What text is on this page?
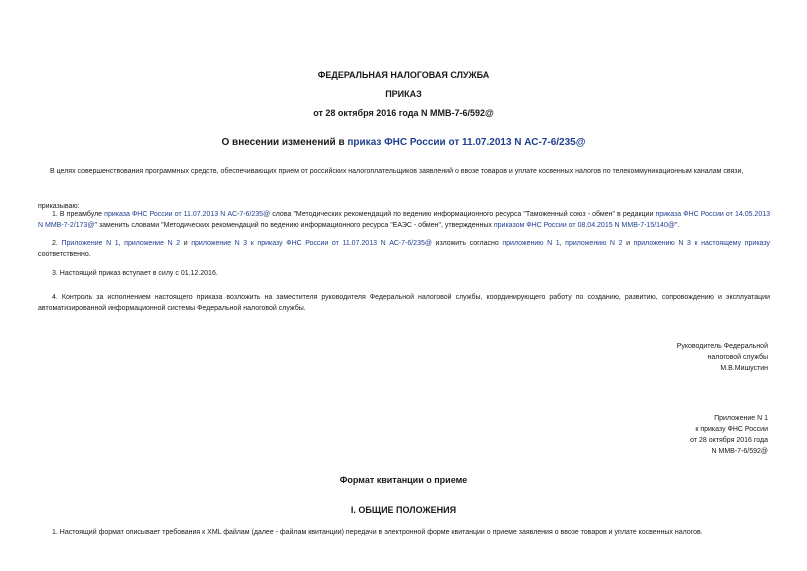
ФЕДЕРАЛЬНАЯ НАЛОГОВАЯ СЛУЖБА
ПРИКАЗ
от 28 октября 2016 года N ММВ-7-6/592@
О внесении изменений в приказ ФНС России от 11.07.2013 N АС-7-6/235@
В целях совершенствования программных средств, обеспечивающих прием от российских налогоплательщиков заявлений о ввозе товаров и уплате косвенных налогов по телекоммуникационным каналам связи,
приказываю:
1. В преамбуле приказа ФНС России от 11.07.2013 N АС-7-6/235@ слова "Методических рекомендаций по ведению информационного ресурса "Таможенный союз - обмен" в редакции приказа ФНС России от 14.05.2013 N ММВ-7-2/173@" заменить словами "Методических рекомендаций по ведению информационного ресурса "ЕАЭС - обмен", утвержденных приказом ФНС России от 08.04.2015 N ММВ-7-15/140@".
2. Приложение N 1, приложение N 2 и приложение N 3 к приказу ФНС России от 11.07.2013 N АС-7-6/235@ изложить согласно приложению N 1, приложению N 2 и приложению N 3 к настоящему приказу соответственно.
3. Настоящий приказ вступает в силу с 01.12.2016.
4. Контроль за исполнением настоящего приказа возложить на заместителя руководителя Федеральной налоговой службы, координирующего работу по созданию, развитию, сопровождению и эксплуатации автоматизированной информационной системы Федеральной налоговой службы.
Руководитель Федеральной
налоговой службы
М.В.Мишустин
Приложение N 1
к приказу ФНС России
от 28 октября 2016 года
N ММВ-7-6/592@
Формат квитанции о приеме
I. ОБЩИЕ ПОЛОЖЕНИЯ
1. Настоящий формат описывает требования к XML файлам (далее - файлам квитанции) передачи в электронной форме квитанции о приеме заявления о ввозе товаров и уплате косвенных налогов.
